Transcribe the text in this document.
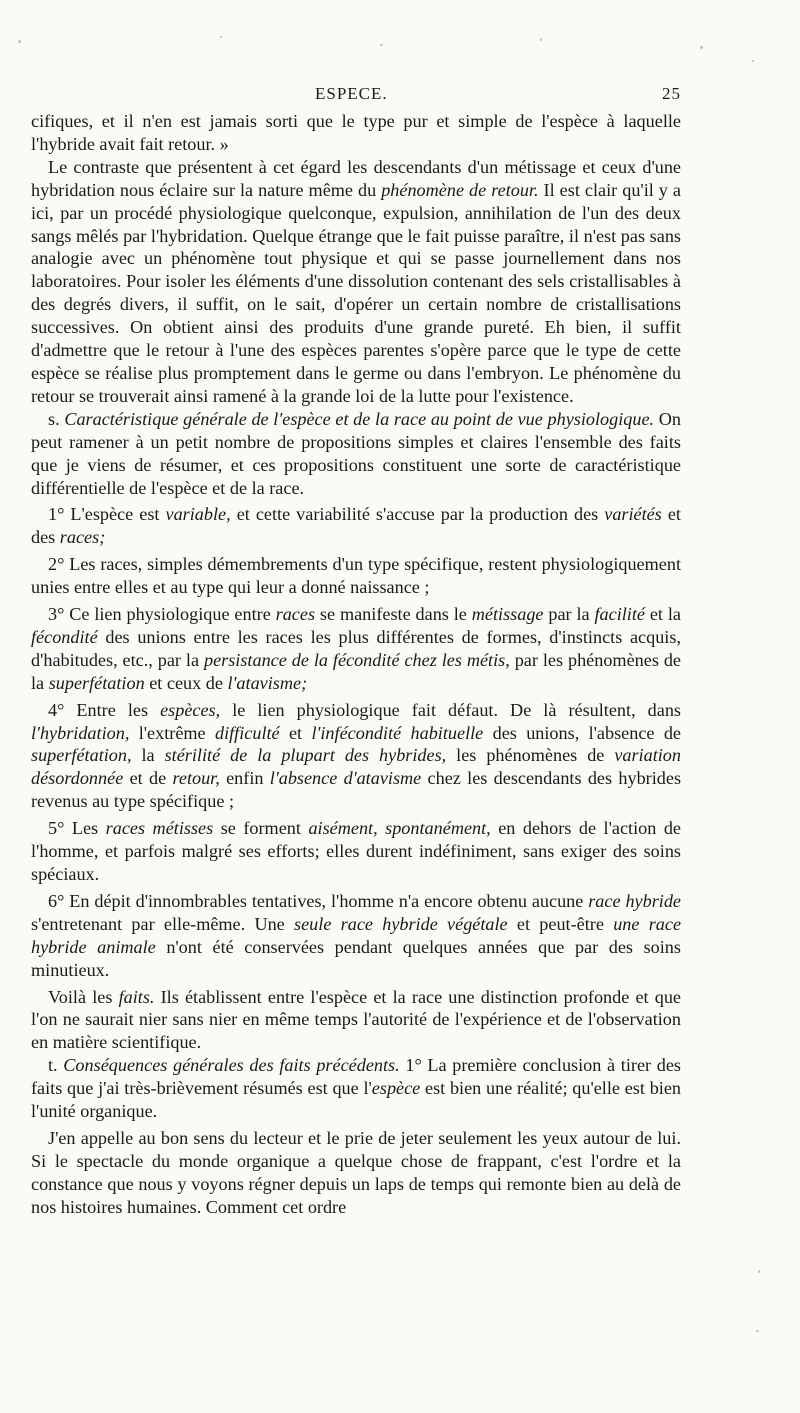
ESPECE.	25

cifiques, et il n'en est jamais sorti que le type pur et simple de l'espèce à laquelle l'hybride avait fait retour. »

Le contraste que présentent à cet égard les descendants d'un métissage et ceux d'une hybridation nous éclaire sur la nature même du phénomène de retour. Il est clair qu'il y a ici, par un procédé physiologique quelconque, expulsion, annihilation de l'un des deux sangs mêlés par l'hybridation. Quelque étrange que le fait puisse paraître, il n'est pas sans analogie avec un phénomène tout physique et qui se passe journellement dans nos laboratoires. Pour isoler les éléments d'une dissolution contenant des sels cristallisables à des degrés divers, il suffit, on le sait, d'opérer un certain nombre de cristallisations successives. On obtient ainsi des produits d'une grande pureté. Eh bien, il suffit d'admettre que le retour à l'une des espèces parentes s'opère parce que le type de cette espèce se réalise plus promptement dans le germe ou dans l'embryon. Le phénomène du retour se trouverait ainsi ramené à la grande loi de la lutte pour l'existence.

s. Caractéristique générale de l'espèce et de la race au point de vue physiologique. On peut ramener à un petit nombre de propositions simples et claires l'ensemble des faits que je viens de résumer, et ces propositions constituent une sorte de caractéristique différentielle de l'espèce et de la race.

1° L'espèce est variable, et cette variabilité s'accuse par la production des variétés et des races;

2° Les races, simples démembrements d'un type spécifique, restent physiologiquement unies entre elles et au type qui leur a donné naissance ;

3° Ce lien physiologique entre races se manifeste dans le métissage par la facilité et la fécondité des unions entre les races les plus différentes de formes, d'instincts acquis, d'habitudes, etc., par la persistance de la fécondité chez les métis, par les phénomènes de la superfétation et ceux de l'atavisme;

4° Entre les espèces, le lien physiologique fait défaut. De là résultent, dans l'hybridation, l'extrême difficulté et l'infécondité habituelle des unions, l'absence de superfétation, la stérilité de la plupart des hybrides, les phénomènes de variation désordonnée et de retour, enfin l'absence d'atavisme chez les descendants des hybrides revenus au type spécifique ;

5° Les races métisses se forment aisément, spontanément, en dehors de l'action de l'homme, et parfois malgré ses efforts; elles durent indéfiniment, sans exiger des soins spéciaux.

6° En dépit d'innombrables tentatives, l'homme n'a encore obtenu aucune race hybride s'entretenant par elle-même. Une seule race hybride végétale et peut-être une race hybride animale n'ont été conservées pendant quelques années que par des soins minutieux.

Voilà les faits. Ils établissent entre l'espèce et la race une distinction profonde et que l'on ne saurait nier sans nier en même temps l'autorité de l'expérience et de l'observation en matière scientifique.

t. Conséquences générales des faits précédents. 1° La première conclusion à tirer des faits que j'ai très-brièvement résumés est que l'espèce est bien une réalité; qu'elle est bien l'unité organique.

J'en appelle au bon sens du lecteur et le prie de jeter seulement les yeux autour de lui. Si le spectacle du monde organique a quelque chose de frappant, c'est l'ordre et la constance que nous y voyons régner depuis un laps de temps qui remonte bien au delà de nos histoires humaines. Comment cet ordre
